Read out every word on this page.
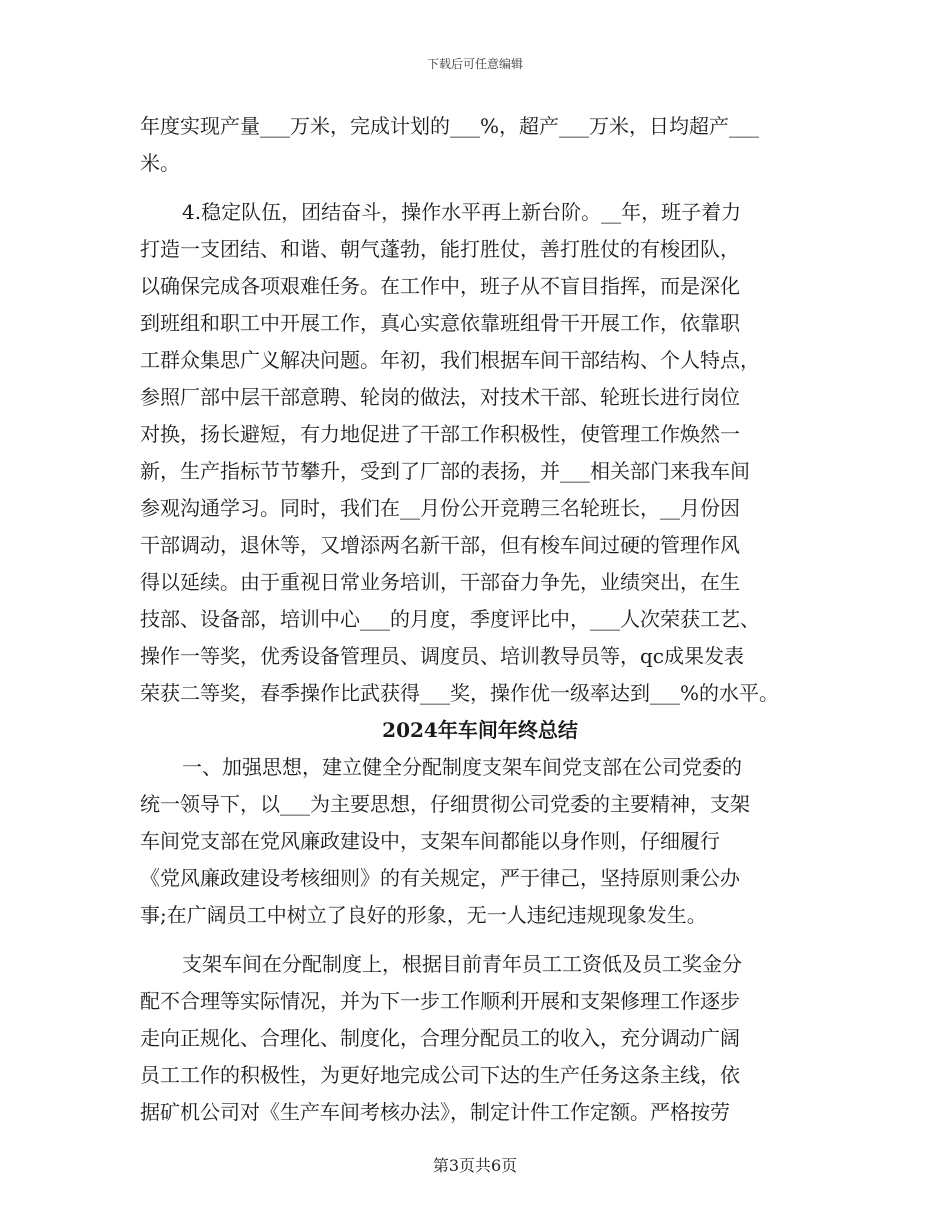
下载后可任意编辑
年度实现产量___万米，完成计划的___%，超产___万米，日均超产___
米。
4.稳定队伍，团结奋斗，操作水平再上新台阶。__年，班子着力
打造一支团结、和谐、朝气蓬勃，能打胜仗，善打胜仗的有梭团队，
以确保完成各项艰难任务。在工作中，班子从不盲目指挥，而是深化
到班组和职工中开展工作，真心实意依靠班组骨干开展工作，依靠职
工群众集思广义解决问题。年初，我们根据车间干部结构、个人特点，
参照厂部中层干部意聘、轮岗的做法，对技术干部、轮班长进行岗位
对换，扬长避短，有力地促进了干部工作积极性，使管理工作焕然一
新，生产指标节节攀升，受到了厂部的表扬，并___相关部门来我车间
参观沟通学习。同时，我们在__月份公开竞聘三名轮班长，__月份因
干部调动，退休等，又增添两名新干部，但有梭车间过硬的管理作风
得以延续。由于重视日常业务培训，干部奋力争先，业绩突出，在生
技部、设备部，培训中心___的月度，季度评比中，___人次荣获工艺、
操作一等奖，优秀设备管理员、调度员、培训教导员等，qc成果发表
荣获二等奖，春季操作比武获得___奖，操作优一级率达到___%的水平。
2024年车间年终总结
一、加强思想，建立健全分配制度支架车间党支部在公司党委的
统一领导下，以___为主要思想，仔细贯彻公司党委的主要精神，支架
车间党支部在党风廉政建设中，支架车间都能以身作则，仔细履行
《党风廉政建设考核细则》的有关规定，严于律己，坚持原则秉公办
事;在广阔员工中树立了良好的形象，无一人违纪违规现象发生。
支架车间在分配制度上，根据目前青年员工工资低及员工奖金分
配不合理等实际情况，并为下一步工作顺利开展和支架修理工作逐步
走向正规化、合理化、制度化，合理分配员工的收入，充分调动广阔
员工工作的积极性，为更好地完成公司下达的生产任务这条主线，依
据矿机公司对《生产车间考核办法》，制定计件工作定额。严格按劳
第3页共6页
